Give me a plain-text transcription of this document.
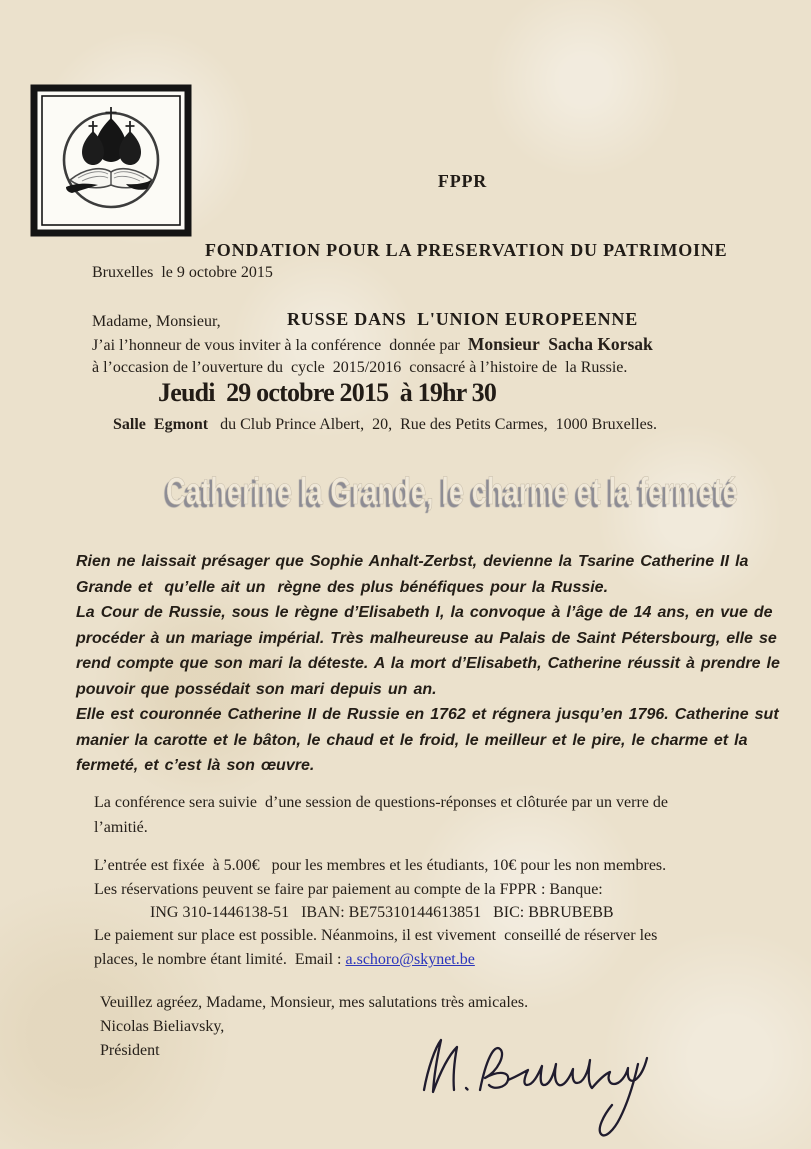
FPPR

FONDATION POUR LA PRESERVATION DU PATRIMOINE

RUSSE DANS  L'UNION EUROPEENNE

Bruxelles  le 9 octobre 2015
Madame, Monsieur,
J’ai l’honneur de vous inviter à la conférence  donnée par  Monsieur  Sacha Korsak
à l’occasion de l’ouverture du  cycle  2015/2016  consacré à l’histoire de  la Russie.
Jeudi  29 octobre 2015  à 19hr 30
Salle  Egmont   du Club Prince Albert,  20,  Rue des Petits Carmes,  1000 Bruxelles.
Catherine la Grande, le charme et la fermeté
Rien ne laissait présager que Sophie Anhalt-Zerbst, devienne la Tsarine Catherine II la
Grande et  qu’elle ait un  règne des plus bénéfiques pour la Russie.
La Cour de Russie, sous le règne d’Elisabeth I, la convoque à l’âge de 14 ans, en vue de
procéder à un mariage impérial. Très malheureuse au Palais de Saint Pétersbourg, elle se
rend compte que son mari la déteste. A la mort d’Elisabeth, Catherine réussit à prendre le
pouvoir que possédait son mari depuis un an.
Elle est couronnée Catherine II de Russie en 1762 et régnera jusqu’en 1796. Catherine sut
manier la carotte et le bâton, le chaud et le froid, le meilleur et le pire, le charme et la
fermeté, et c’est là son œuvre.
La conférence sera suivie  d’une session de questions-réponses et clôturée par un verre de
l’amitié.
L’entrée est fixée  à 5.00€   pour les membres et les étudiants, 10€ pour les non membres.
Les réservations peuvent se faire par paiement au compte de la FPPR : Banque:
ING 310-1446138-51   IBAN: BE75310144613851   BIC: BBRUBEBB
Le paiement sur place est possible. Néanmoins, il est vivement  conseillé de réserver les
places, le nombre étant limité.  Email : a.schoro@skynet.be
Veuillez agréez, Madame, Monsieur, mes salutations très amicales.
Nicolas Bieliavsky,
Président
